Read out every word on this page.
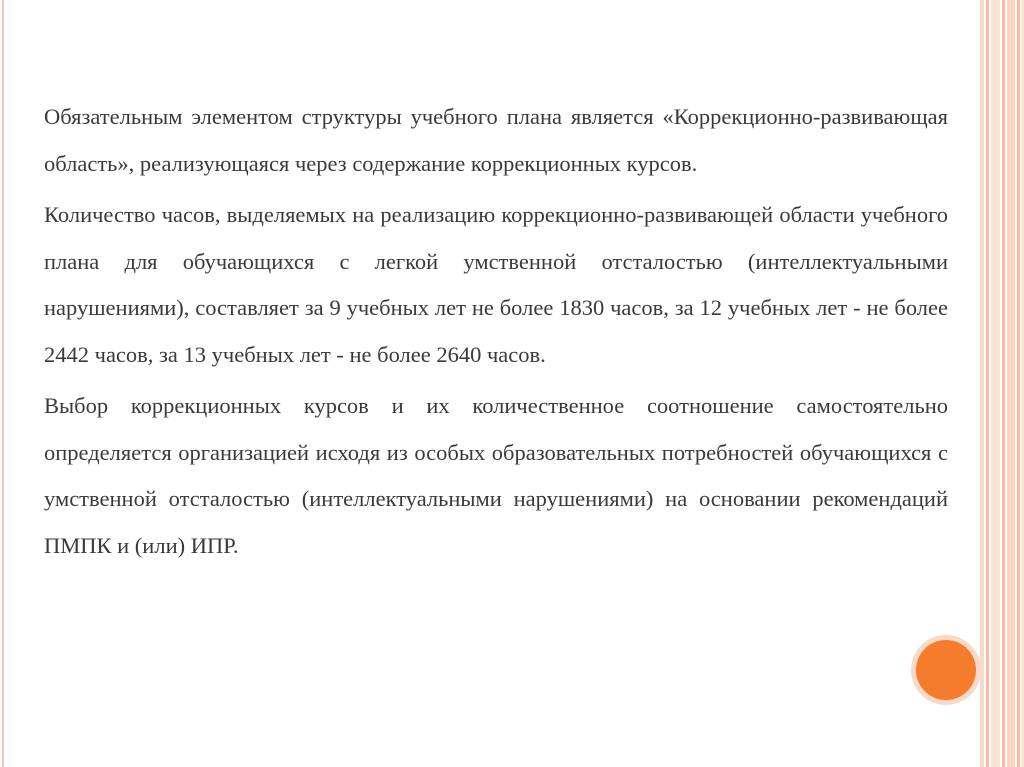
Обязательным элементом структуры учебного плана является «Коррекционно-развивающая область», реализующаяся через содержание коррекционных курсов.

Количество часов, выделяемых на реализацию коррекционно-развивающей области учебного плана для обучающихся с легкой умственной отсталостью (интеллектуальными нарушениями), составляет за 9 учебных лет не более 1830 часов, за 12 учебных лет - не более 2442 часов, за 13 учебных лет - не более 2640 часов.

Выбор коррекционных курсов и их количественное соотношение самостоятельно определяется организацией исходя из особых образовательных потребностей обучающихся с умственной отсталостью (интеллектуальными нарушениями) на основании рекомендаций ПМПК и (или) ИПР.
